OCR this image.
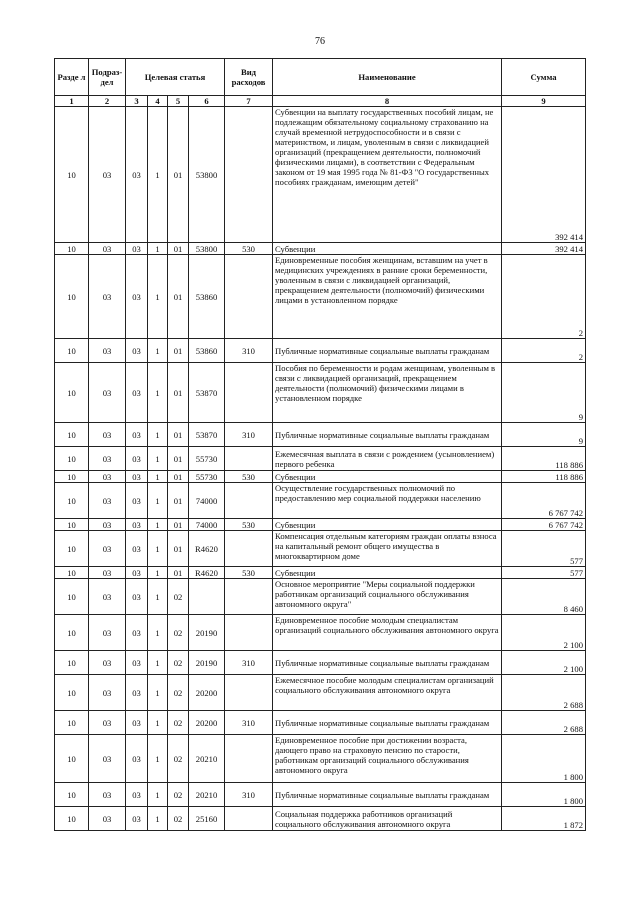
76
Разде л	Подраз- дел	Целевая статья				Вид расходов	Наименование	Сумма
1	2	3	4	5	6	7	8	9
10	03	03	1	01	53800		Субвенции на выплату государственных пособий лицам, не подлежащим обязательному социальному страхованию на случай временной нетрудоспособности и в связи с материнством, и лицам, уволенным в связи с ликвидацией организаций (прекращением деятельности, полномочий физическими лицами), в соответствии с Федеральным законом от 19 мая 1995 года № 81-ФЗ "О государственных пособиях гражданам, имеющим детей"	392 414
10	03	03	1	01	53800	530	Субвенции	392 414
10	03	03	1	01	53860		Единовременные пособия женщинам, вставшим на учет в медицинских учреждениях в ранние сроки беременности, уволенным в связи с ликвидацией организаций, прекращением деятельности (полномочий) физическими лицами в установленном порядке	2
10	03	03	1	01	53860	310	Публичные нормативные социальные выплаты гражданам	2
10	03	03	1	01	53870		Пособия по беременности и родам женщинам, уволенным в связи с ликвидацией организаций, прекращением деятельности (полномочий) физическими лицами в установленном порядке	9
10	03	03	1	01	53870	310	Публичные нормативные социальные выплаты гражданам	9
10	03	03	1	01	55730		Ежемесячная выплата в связи с рождением (усыновлением) первого ребенка	118 886
10	03	03	1	01	55730	530	Субвенции	118 886
10	03	03	1	01	74000		Осуществление государственных полномочий по предоставлению мер социальной поддержки населению	6 767 742
10	03	03	1	01	74000	530	Субвенции	6 767 742
10	03	03	1	01	R4620		Компенсация отдельным категориям граждан оплаты взноса на капитальный ремонт общего имущества в многоквартирном доме	577
10	03	03	1	01	R4620	530	Субвенции	577
10	03	03	1	02			Основное мероприятие "Меры социальной поддержки работникам организаций социального обслуживания автономного округа"	8 460
10	03	03	1	02	20190		Единовременное пособие молодым специалистам организаций социального обслуживания автономного округа	2 100
10	03	03	1	02	20190	310	Публичные нормативные социальные выплаты гражданам	2 100
10	03	03	1	02	20200		Ежемесячное пособие молодым специалистам организаций социального обслуживания автономного округа	2 688
10	03	03	1	02	20200	310	Публичные нормативные социальные выплаты гражданам	2 688
10	03	03	1	02	20210		Единовременное пособие при достижении возраста, дающего право на страховую пенсию по старости, работникам организаций социального обслуживания автономного округа	1 800
10	03	03	1	02	20210	310	Публичные нормативные социальные выплаты гражданам	1 800
10	03	03	1	02	25160		Социальная поддержка работников организаций социального обслуживания автономного округа	1 872
